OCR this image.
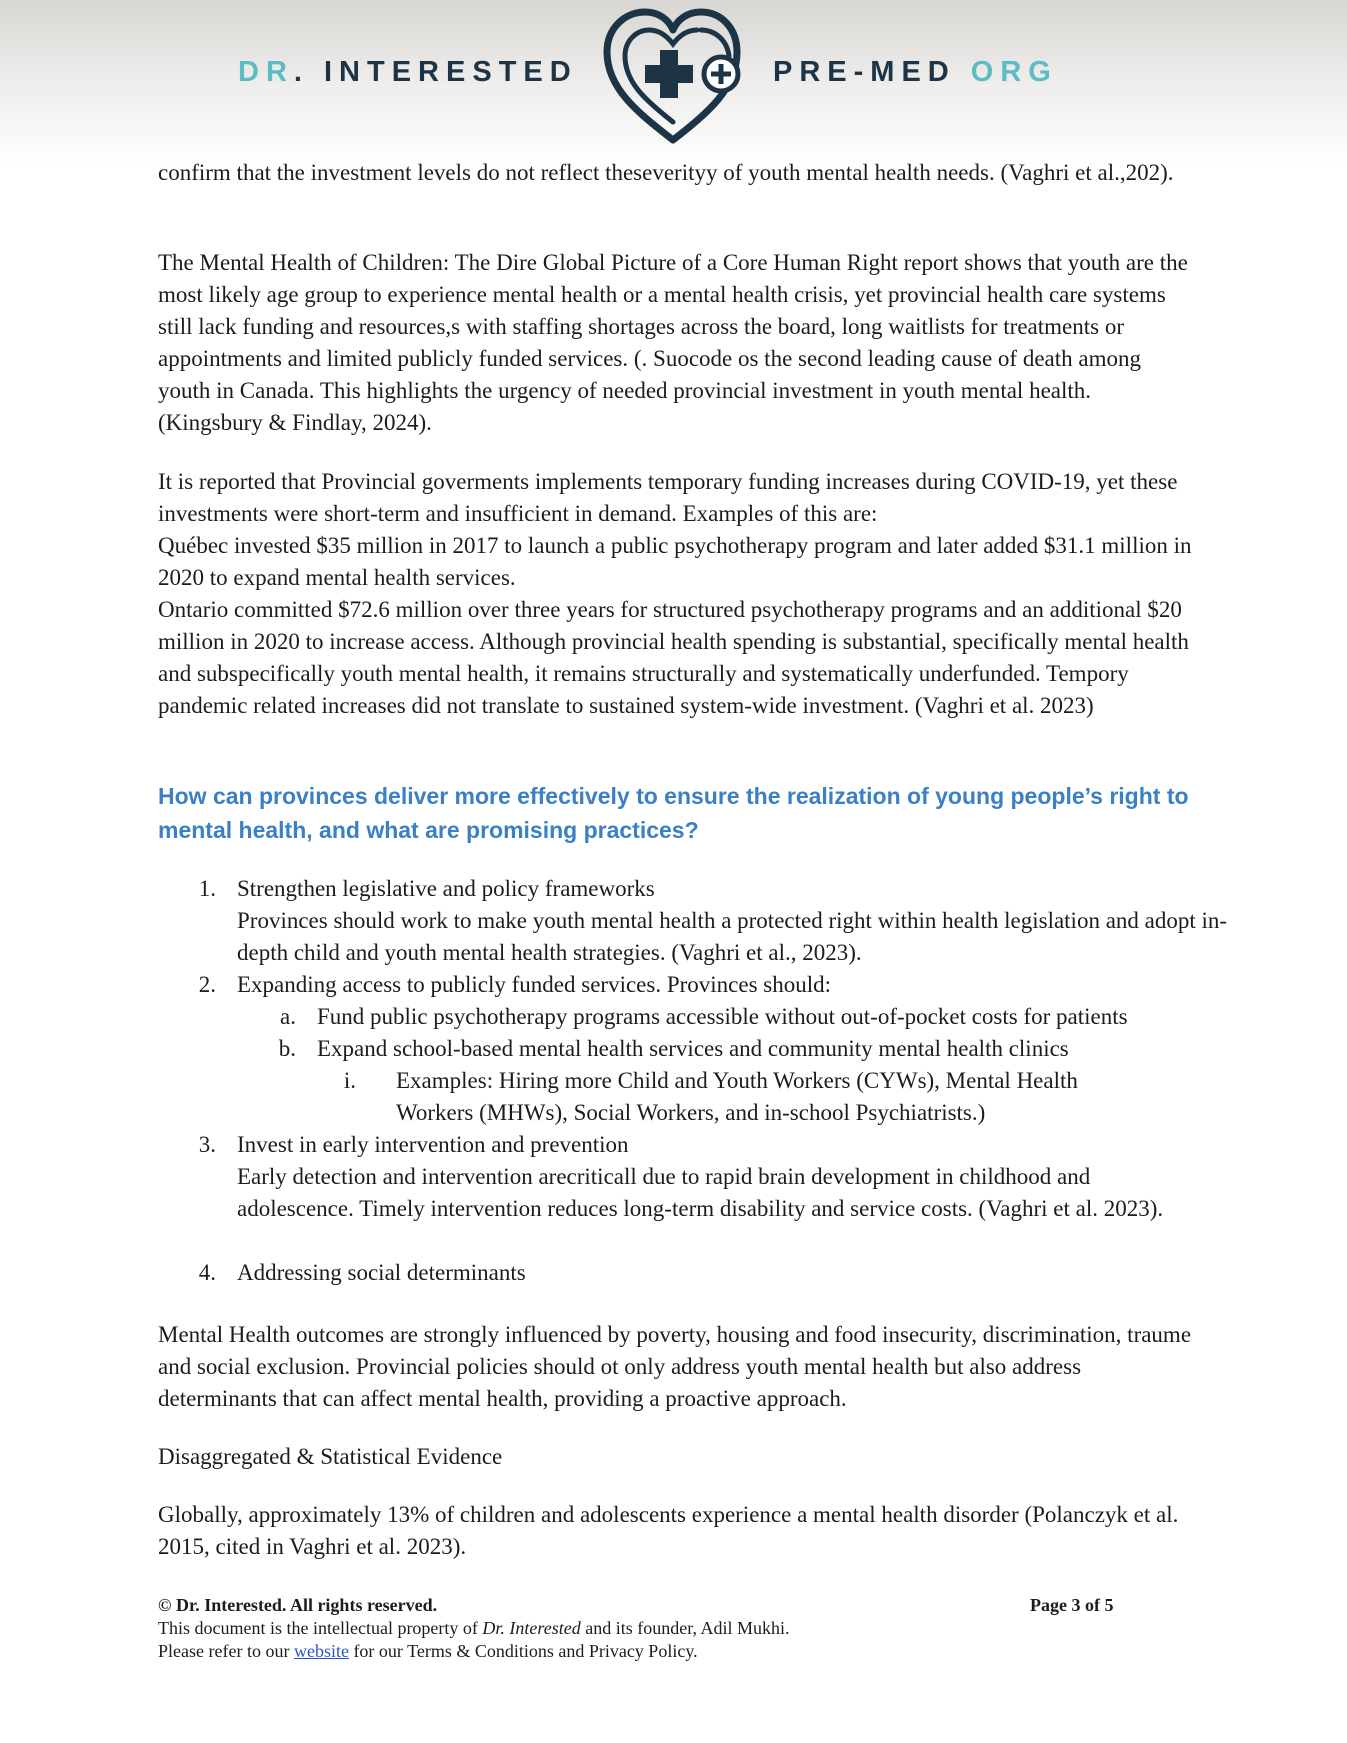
DR. INTERESTED	PRE-MED ORG

confirm that the investment levels do not reflect theseverityy of youth mental health needs. (Vaghri et al.,202).

The Mental Health of Children: The Dire Global Picture of a Core Human Right report shows that youth are the most likely age group to experience mental health or a mental health crisis, yet provincial health care systems still lack funding and resources,s with staffing shortages across the board, long waitlists for treatments or appointments and limited publicly funded services. (. Suocode os the second leading cause of death among youth in Canada. This highlights the urgency of needed provincial investment in youth mental health. (Kingsbury & Findlay, 2024).

It is reported that Provincial goverments implements temporary funding increases during COVID-19, yet these investments were short-term and insufficient in demand. Examples of this are:

Québec invested $35 million in 2017 to launch a public psychotherapy program and later added $31.1 million in 2020 to expand mental health services.

Ontario committed $72.6 million over three years for structured psychotherapy programs and an additional $20 million in 2020 to increase access. Although provincial health spending is substantial, specifically mental health and subspecifically youth mental health, it remains structurally and systematically underfunded. Tempory pandemic related increases did not translate to sustained system-wide investment. (Vaghri et al. 2023)

How can provinces deliver more effectively to ensure the realization of young people’s right to mental health, and what are promising practices?
1. Strengthen legislative and policy frameworks
Provinces should work to make youth mental health a protected right within health legislation and adopt in-depth child and youth mental health strategies. (Vaghri et al., 2023).
2. Expanding access to publicly funded services. Provinces should:
a. Fund public psychotherapy programs accessible without out-of-pocket costs for patients
b. Expand school-based mental health services and community mental health clinics
i. Examples: Hiring more Child and Youth Workers (CYWs), Mental Health Workers (MHWs), Social Workers, and in-school Psychiatrists.)
3. Invest in early intervention and prevention
Early detection and intervention arecriticall due to rapid brain development in childhood and adolescence. Timely intervention reduces long-term disability and service costs. (Vaghri et al. 2023).
4. Addressing social determinants

Mental Health outcomes are strongly influenced by poverty, housing and food insecurity, discrimination, traume and social exclusion. Provincial policies should ot only address youth mental health but also address determinants that can affect mental health, providing a proactive approach.

Disaggregated & Statistical Evidence

Globally, approximately 13% of children and adolescents experience a mental health disorder (Polanczyk et al. 2015, cited in Vaghri et al. 2023).

© Dr. Interested. All rights reserved.	Page 3 of 5
This document is the intellectual property of Dr. Interested and its founder, Adil Mukhi.
Please refer to our website for our Terms & Conditions and Privacy Policy.
